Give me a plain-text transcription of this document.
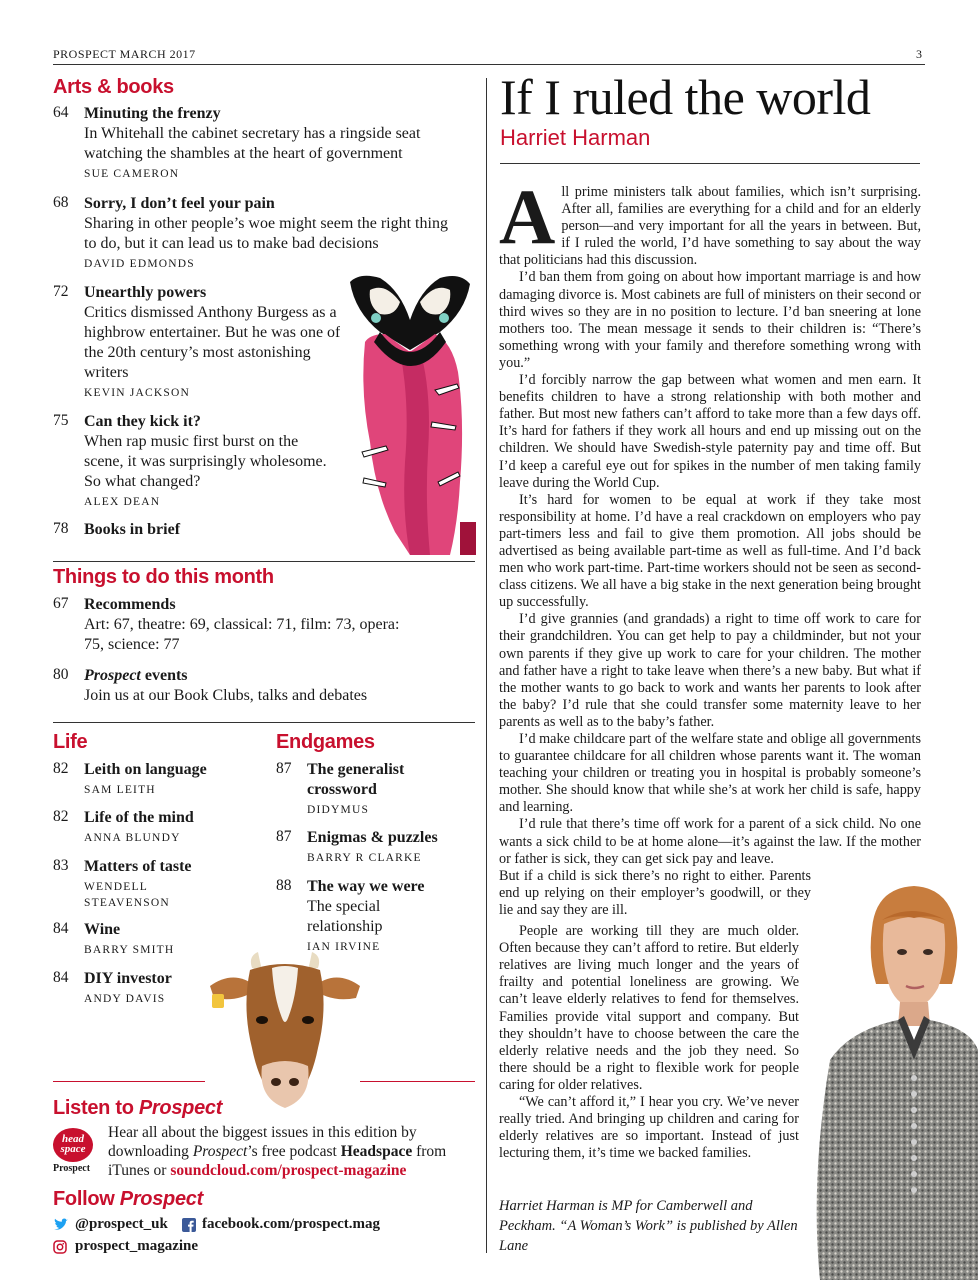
PROSPECT MARCH 2017	3
Arts & books
64 Minuting the frenzy
In Whitehall the cabinet secretary has a ringside seat watching the shambles at the heart of government
SUE CAMERON
68 Sorry, I don’t feel your pain
Sharing in other people’s woe might seem the right thing to do, but it can lead us to make bad decisions
DAVID EDMONDS
72 Unearthly powers
Critics dismissed Anthony Burgess as a highbrow entertainer. But he was one of the 20th century’s most astonishing writers
KEVIN JACKSON
75 Can they kick it?
When rap music first burst on the scene, it was surprisingly wholesome. So what changed?
ALEX DEAN
78 Books in brief
Things to do this month
67 Recommends
Art: 67, theatre: 69, classical: 71, film: 73, opera: 75, science: 77
80 Prospect events
Join us at our Book Clubs, talks and debates
Life
82 Leith on language
SAM LEITH
82 Life of the mind
ANNA BLUNDY
83 Matters of taste
WENDELL STEAVENSON
84 Wine
BARRY SMITH
84 DIY investor
ANDY DAVIS
Endgames
87 The generalist crossword
DIDYMUS
87 Enigmas & puzzles
BARRY R CLARKE
88 The way we were
The special relationship
IAN IRVINE
Listen to Prospect
head
space
Prospect
Hear all about the biggest issues in this edition by downloading Prospect’s free podcast Headspace from iTunes or soundcloud.com/prospect-magazine
Follow Prospect
@prospect_uk facebook.com/prospect.mag
prospect_magazine
If I ruled the world
Harriet Harman

All prime ministers talk about families, which isn’t surprising. After all, families are everything for a child and for an elderly person—and very important for all the years in between. But, if I ruled the world, I’d have something to say about the way that politicians had this discussion.

I’d ban them from going on about how important marriage is and how damaging divorce is. Most cabinets are full of ministers on their second or third wives so they are in no position to lecture. I’d ban sneering at lone mothers too. The mean message it sends to their children is: “There’s something wrong with your family and therefore something wrong with you.”

I’d forcibly narrow the gap between what women and men earn. It benefits children to have a strong relationship with both mother and father. But most new fathers can’t afford to take more than a few days off. It’s hard for fathers if they work all hours and end up missing out on the children. We should have Swedish-style paternity pay and time off. But I’d keep a careful eye out for spikes in the number of men taking family leave during the World Cup.

It’s hard for women to be equal at work if they take most responsibility at home. I’d have a real crackdown on employers who pay part-timers less and fail to give them promotion. All jobs should be advertised as being available part-time as well as full-time. And I’d back men who work part-time. Part-time workers should not be seen as second-class citizens. We all have a big stake in the next generation being brought up successfully.

I’d give grannies (and grandads) a right to time off work to care for their grandchildren. You can get help to pay a childminder, but not your own parents if they give up work to care for your children. The mother and father have a right to take leave when there’s a new baby. But what if the mother wants to go back to work and wants her parents to look after the baby? I’d rule that she could transfer some maternity leave to her parents as well as to the baby’s father.

I’d make childcare part of the welfare state and oblige all governments to guarantee childcare for all children whose parents want it. The woman teaching your children or treating you in hospital is probably someone’s mother. She should know that while she’s at work her child is safe, happy and learning.

I’d rule that there’s time off work for a parent of a sick child. No one wants a sick child to be at home alone—it’s against the law. If the mother or father is sick, they can get sick pay and leave.

But if a child is sick there’s no right to either. Parents end up relying on their employer’s goodwill, or they lie and say they are ill.

People are working till they are much older. Often because they can’t afford to retire. But elderly relatives are living much longer and the years of frailty and potential loneliness are growing. We can’t leave elderly relatives to fend for themselves. Families provide vital support and company. But they shouldn’t have to choose between the care the elderly relative needs and the job they need. So there should be a right to flexible work for people caring for older relatives.

“We can’t afford it,” I hear you cry. We’ve never really tried. And bringing up children and caring for elderly relatives are so important. Instead of just lecturing them, it’s time we backed families.

Harriet Harman is MP for Camberwell and Peckham. “A Woman’s Work” is published by Allen Lane
